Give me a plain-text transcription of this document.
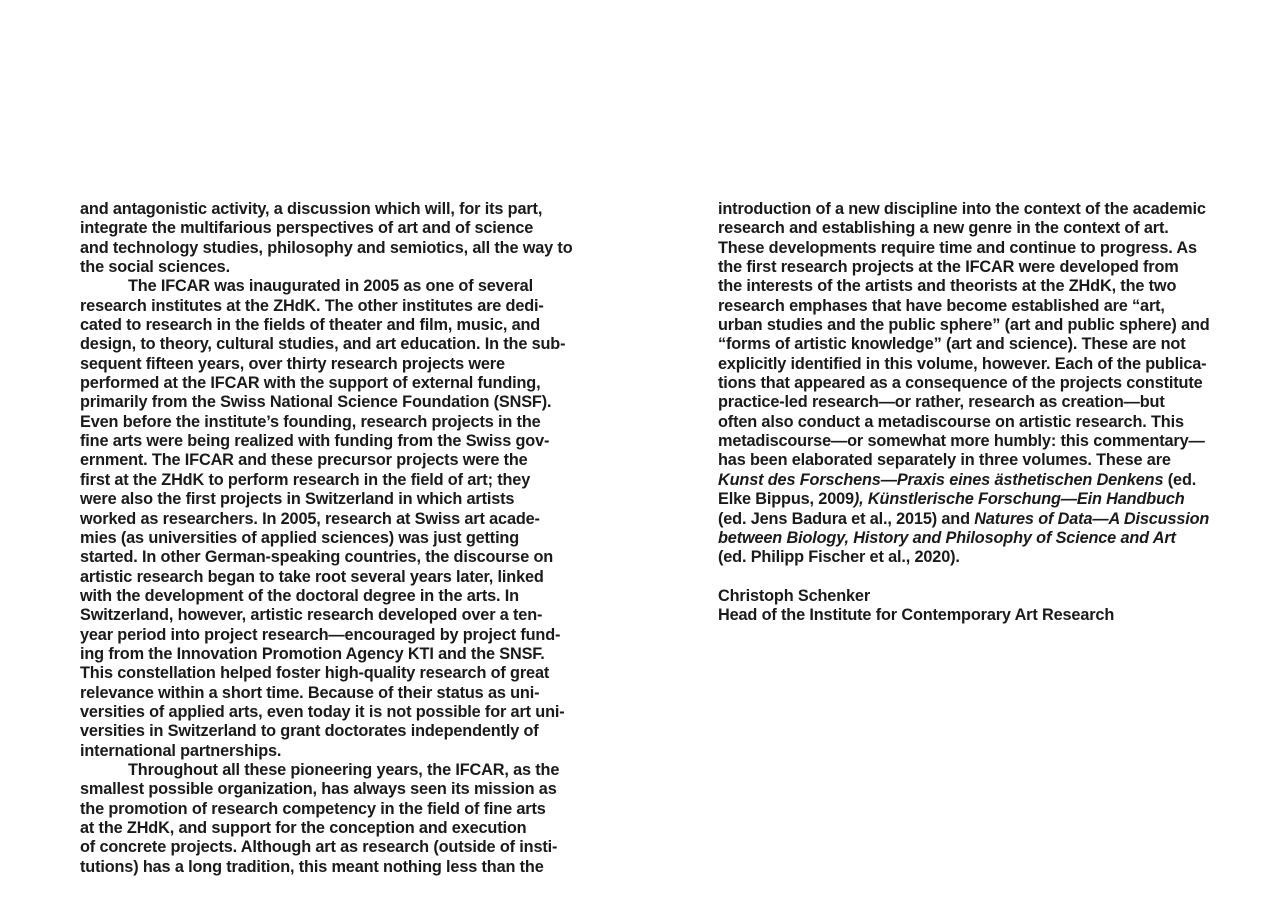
and antagonistic activity, a discussion which will, for its part,
integrate the multifarious perspectives of art and of science
and technology studies, philosophy and semiotics, all the way to
the social sciences.
The IFCAR was inaugurated in 2005 as one of several
research institutes at the ZHdK. The other institutes are dedi-
cated to research in the fields of theater and film, music, and
design, to theory, cultural studies, and art education. In the sub-
sequent fifteen years, over thirty research projects were
performed at the IFCAR with the support of external funding,
primarily from the Swiss National Science Foundation (SNSF).
Even before the institute’s founding, research projects in the
fine arts were being realized with funding from the Swiss gov-
ernment. The IFCAR and these precursor projects were the
first at the ZHdK to perform research in the field of art; they
were also the first projects in Switzerland in which artists
worked as researchers. In 2005, research at Swiss art acade-
mies (as universities of applied sciences) was just getting
started. In other German-speaking countries, the discourse on
artistic research began to take root several years later, linked
with the development of the doctoral degree in the arts. In
Switzerland, however, artistic research developed over a ten-
year period into project research—encouraged by project fund-
ing from the Innovation Promotion Agency KTI and the SNSF.
This constellation helped foster high-quality research of great
relevance within a short time. Because of their status as uni-
versities of applied arts, even today it is not possible for art uni-
versities in Switzerland to grant doctorates independently of
international partnerships.
Throughout all these pioneering years, the IFCAR, as the
smallest possible organization, has always seen its mission as
the promotion of research competency in the field of fine arts
at the ZHdK, and support for the conception and execution
of concrete projects. Although art as research (outside of insti-
tutions) has a long tradition, this meant nothing less than the
introduction of a new discipline into the context of the academic
research and establishing a new genre in the context of art.
These developments require time and continue to progress. As
the first research projects at the IFCAR were developed from
the interests of the artists and theorists at the ZHdK, the two
research emphases that have become established are “art,
urban studies and the public sphere” (art and public sphere) and
“forms of artistic knowledge” (art and science). These are not
explicitly identified in this volume, however. Each of the publica-
tions that appeared as a consequence of the projects constitute
practice-led research—or rather, research as creation—but
often also conduct a metadiscourse on artistic research. This
metadiscourse—or somewhat more humbly: this commentary—
has been elaborated separately in three volumes. These are
Kunst des Forschens—Praxis eines ästhetischen Denkens (ed.
Elke Bippus, 2009), Künstlerische Forschung—Ein Handbuch
(ed. Jens Badura et al., 2015) and Natures of Data—A Discussion
between Biology, History and Philosophy of Science and Art
(ed. Philipp Fischer et al., 2020).
Christoph Schenker
Head of the Institute for Contemporary Art Research
